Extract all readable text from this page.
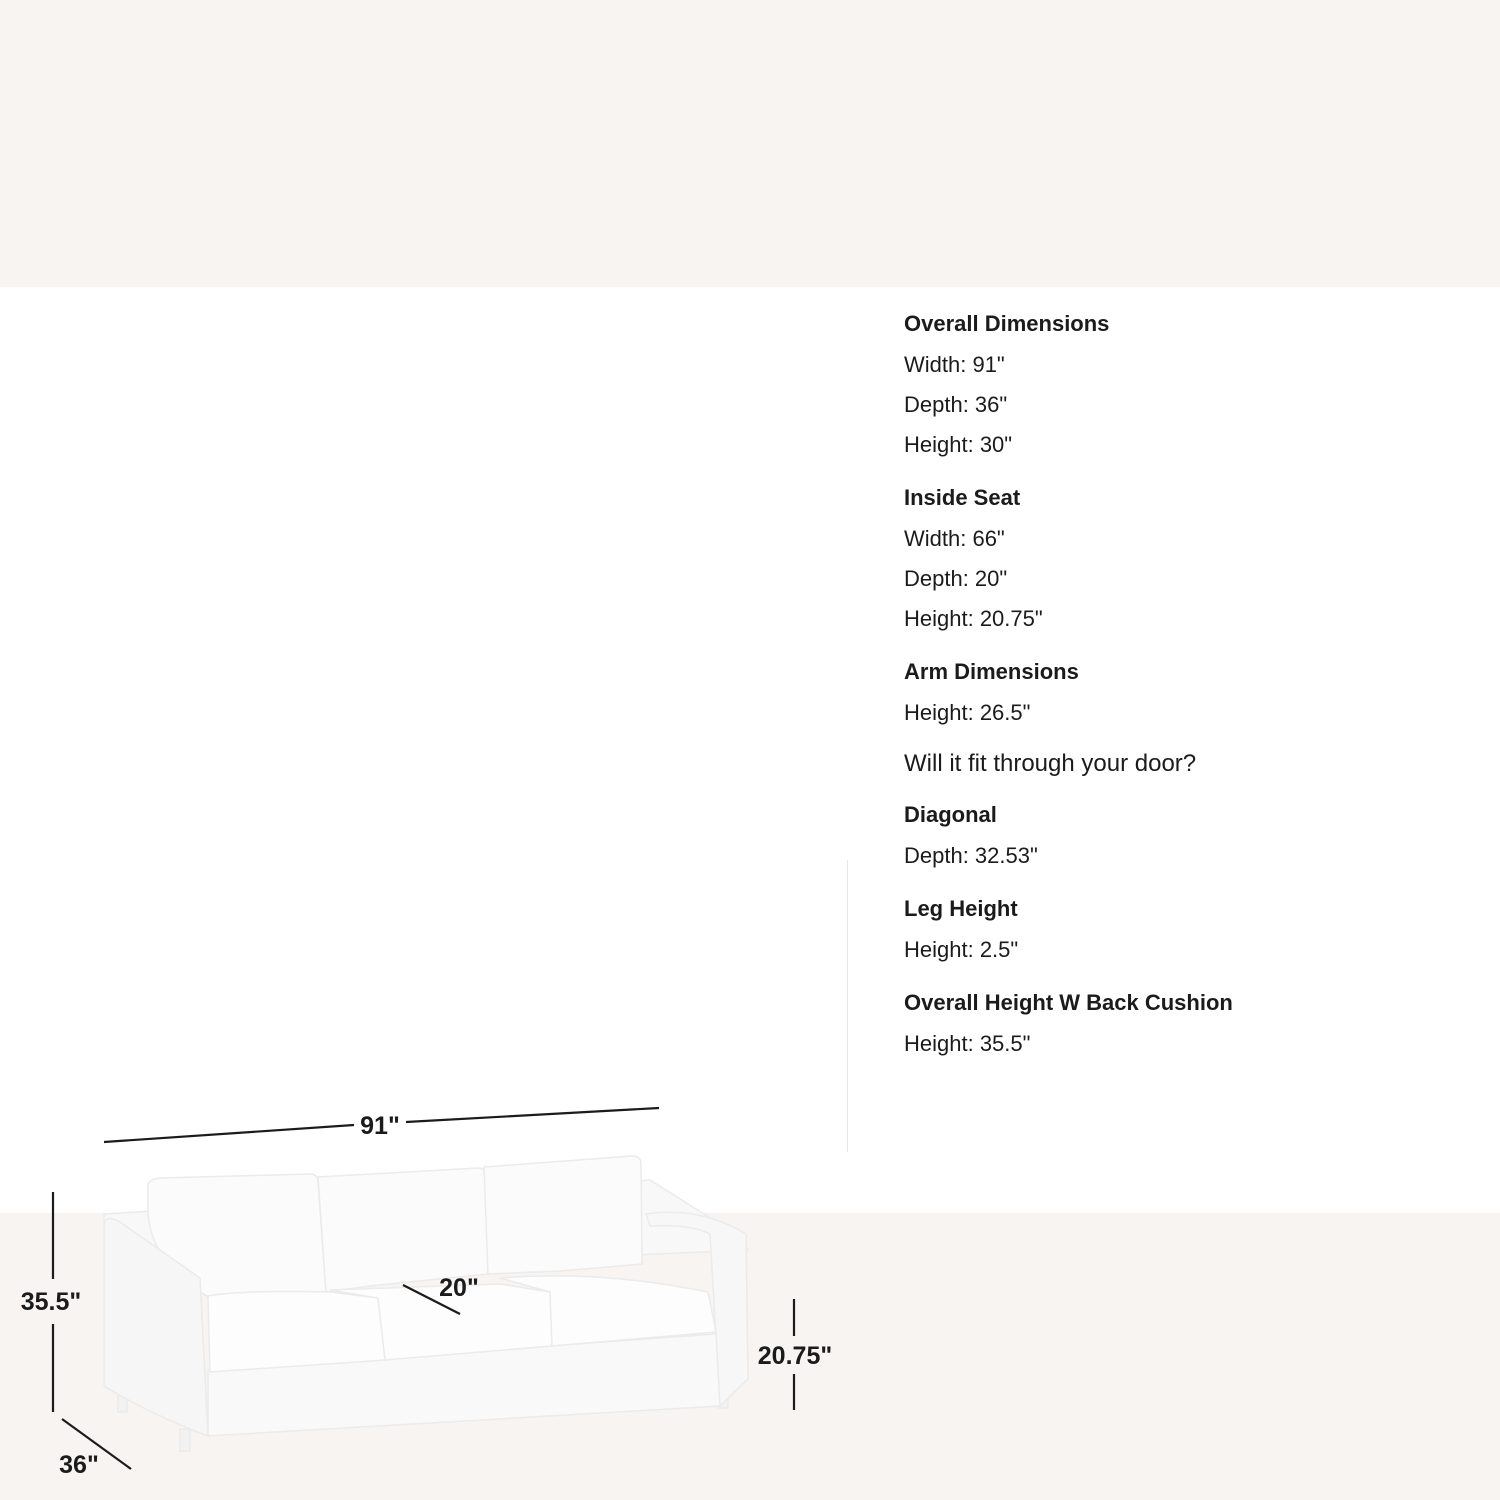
91"
35.5"	20"
20.75"
36"
Overall Dimensions
Width: 91"
Depth: 36"
Height: 30"
Inside Seat
Width: 66"
Depth: 20"
Height: 20.75"
Arm Dimensions
Height: 26.5"
Will it fit through your door?
Diagonal
Depth: 32.53"
Leg Height
Height: 2.5"
Overall Height W Back Cushion
Height: 35.5"
